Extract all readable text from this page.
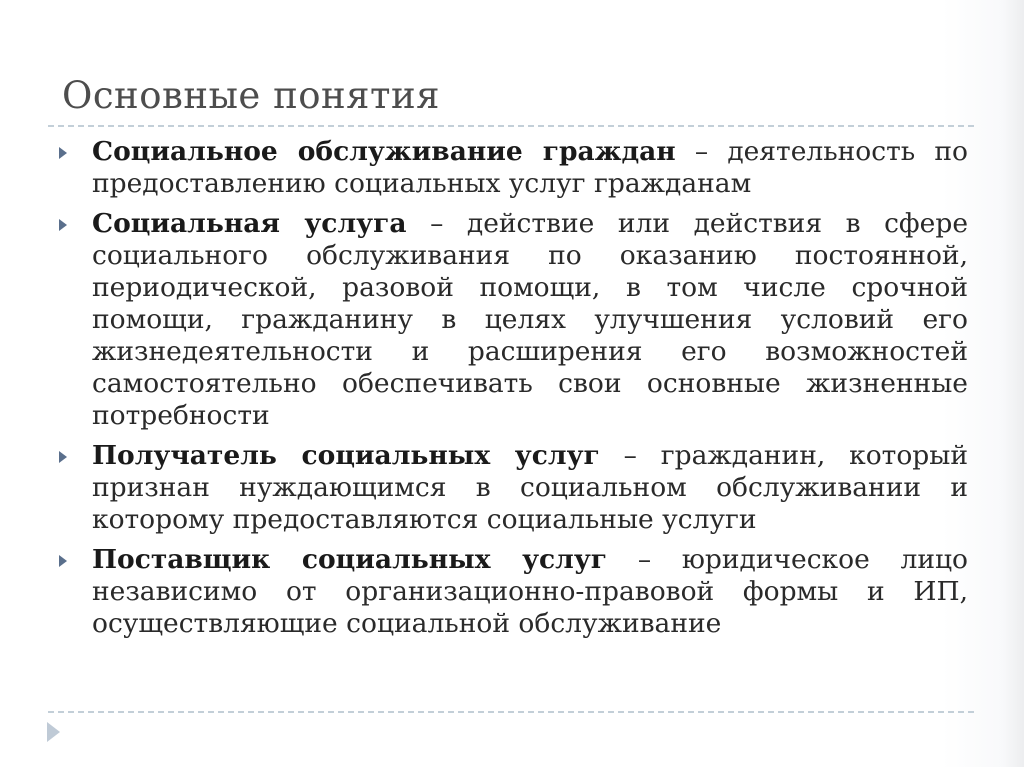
Основные понятия
Социальное обслуживание граждан – деятельность по предоставлению социальных услуг гражданам
Социальная услуга – действие или действия в сфере социального обслуживания по оказанию постоянной, периодической, разовой помощи, в том числе срочной помощи, гражданину в целях улучшения условий его жизнедеятельности и расширения его возможностей самостоятельно обеспечивать свои основные жизненные потребности
Получатель социальных услуг – гражданин, который признан нуждающимся в социальном обслуживании и которому предоставляются социальные услуги
Поставщик социальных услуг – юридическое лицо независимо от организационно-правовой формы и ИП, осуществляющие социальной обслуживание
